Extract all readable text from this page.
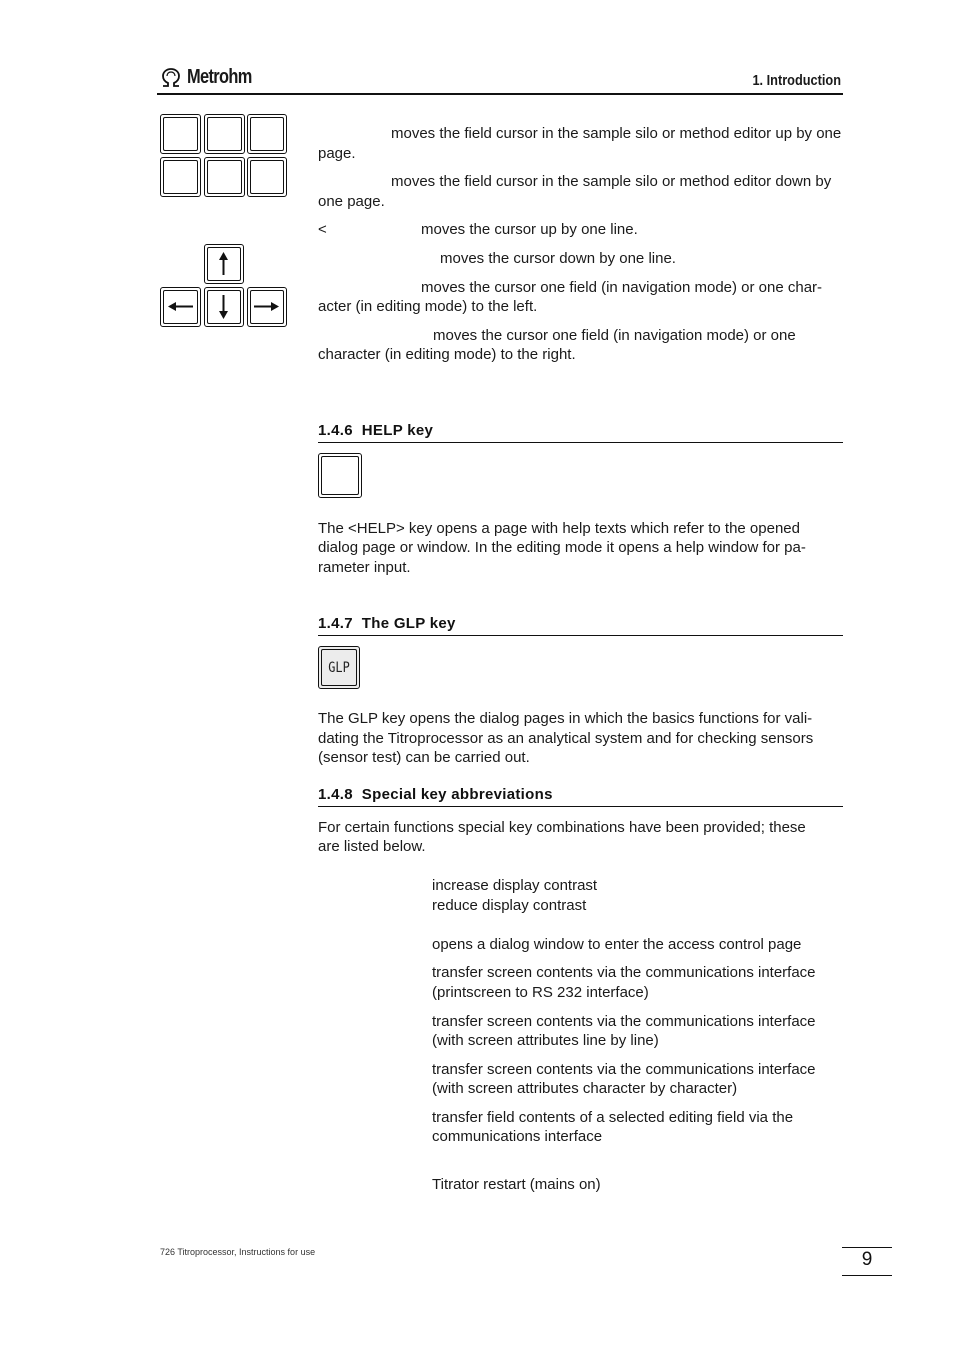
Metrohm	1. Introduction
moves the field cursor in the sample silo or method editor up by one page.
moves the field cursor in the sample silo or method editor down by one page.
<	moves the cursor up by one line.
moves the cursor down by one line.
moves the cursor one field (in navigation mode) or one char-
acter (in editing mode) to the left.
moves the cursor one field (in navigation mode) or one
character (in editing mode) to the right.
1.4.6  HELP key
The <HELP> key opens a page with help texts which refer to the opened
dialog page or window. In the editing mode it opens a help window for pa-
rameter input.
1.4.7  The GLP key
GLP
The GLP key opens the dialog pages in which the basics functions for vali-
dating the Titroprocessor as an analytical system and for checking sensors
(sensor test) can be carried out.
1.4.8  Special key abbreviations
For certain functions special key combinations have been provided; these
are listed below.
increase display contrast
reduce display contrast
opens a dialog window to enter the access control page
transfer screen contents via the communications interface
(printscreen to RS 232 interface)
transfer screen contents via the communications interface
(with screen attributes line by line)
transfer screen contents via the communications interface
(with screen attributes character by character)
transfer field contents of a selected editing field via the
communications interface
Titrator restart (mains on)
726 Titroprocessor, Instructions for use	9
